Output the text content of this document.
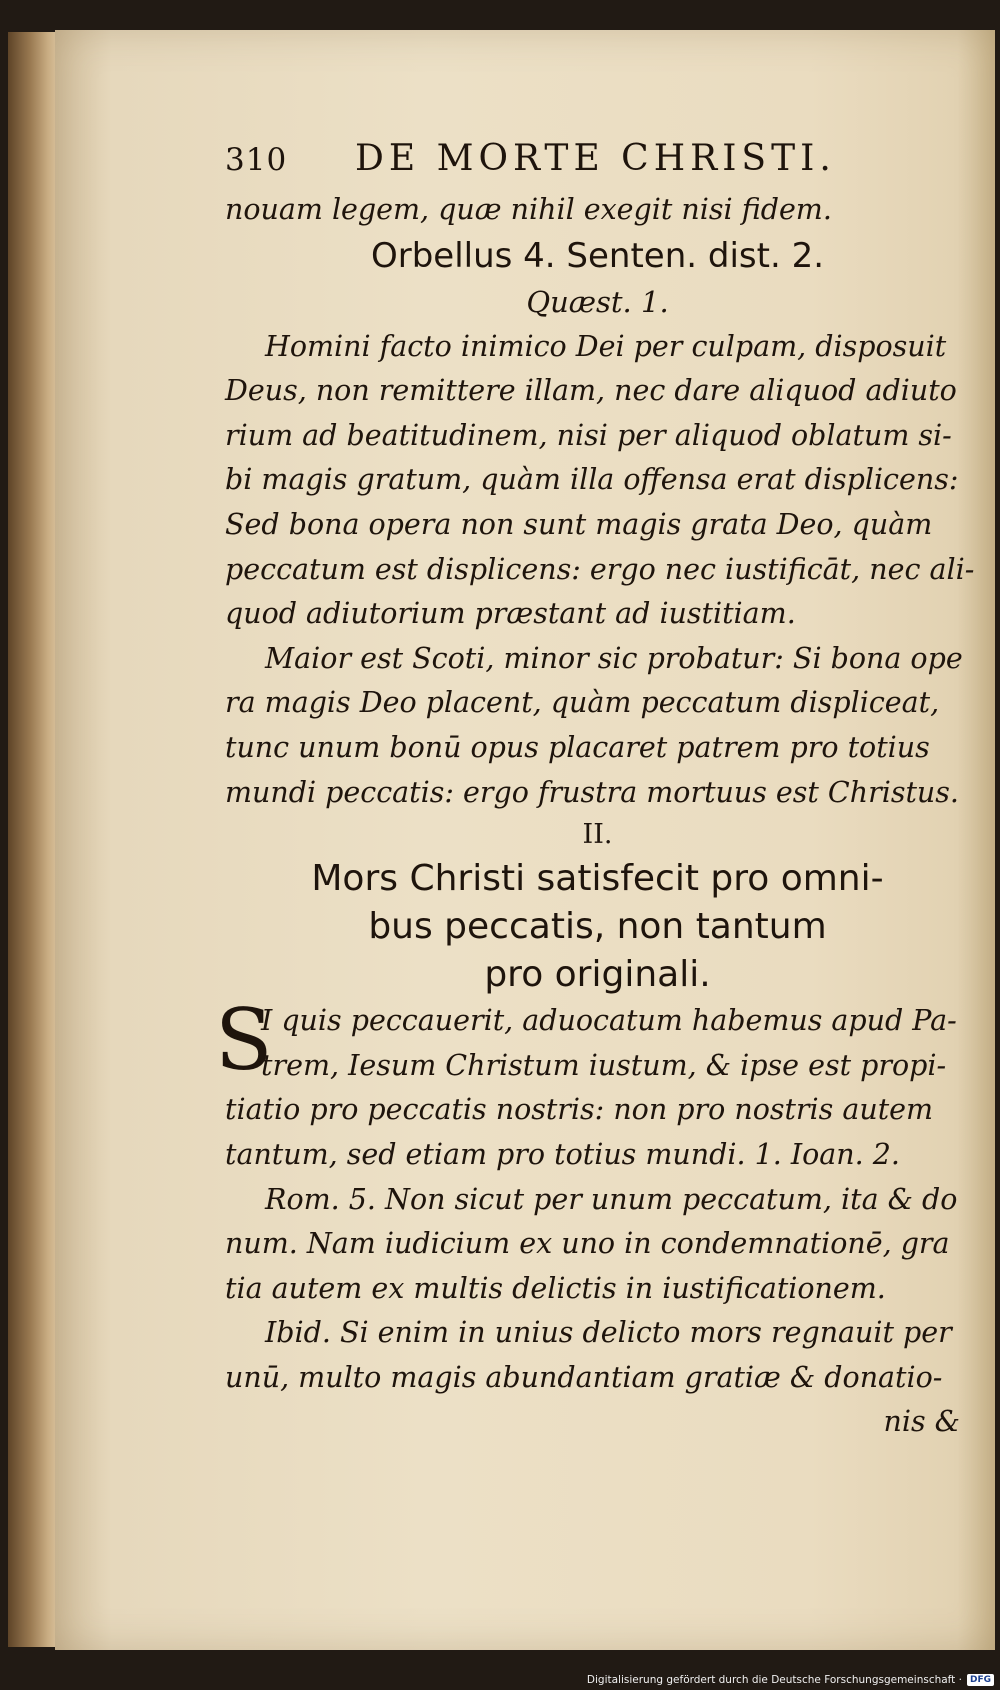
310 DE MORTE CHRISTI.

nouam legem, quæ nihil exegit nisi fidem.

Orbellus 4. Senten. dist. 2.
Quæst. 1.

Homini facto inimico Dei per culpam, disposuit

Deus, non remittere illam, nec dare aliquod adiuto

rium ad beatitudinem, nisi per aliquod oblatum si-

bi magis gratum, quàm illa offensa erat displicens:

Sed bona opera non sunt magis grata Deo, quàm

peccatum est displicens: ergo nec iustificāt, nec ali-

quod adiutorium præstant ad iustitiam.

Maior est Scoti, minor sic probatur: Si bona ope

ra magis Deo placent, quàm peccatum displiceat,

tunc unum bonū opus placaret patrem pro totius

mundi peccatis: ergo frustra mortuus est Christus.

II.
Mors Christi satisfecit pro omni-
bus peccatis, non tantum
pro originali.
S

I quis peccauerit, aduocatum habemus apud Pa-

trem, Iesum Christum iustum, & ipse est propi-

tiatio pro peccatis nostris: non pro nostris autem

tantum, sed etiam pro totius mundi. 1. Ioan. 2.

Rom. 5. Non sicut per unum peccatum, ita & do

num. Nam iudicium ex uno in condemnationē, gra

tia autem ex multis delictis in iustificationem.

Ibid. Si enim in unius delicto mors regnauit per

unū, multo magis abundantiam gratiæ & donatio-

nis &

Digitalisierung gefördert durch die Deutsche Forschungsgemeinschaft · DFG
